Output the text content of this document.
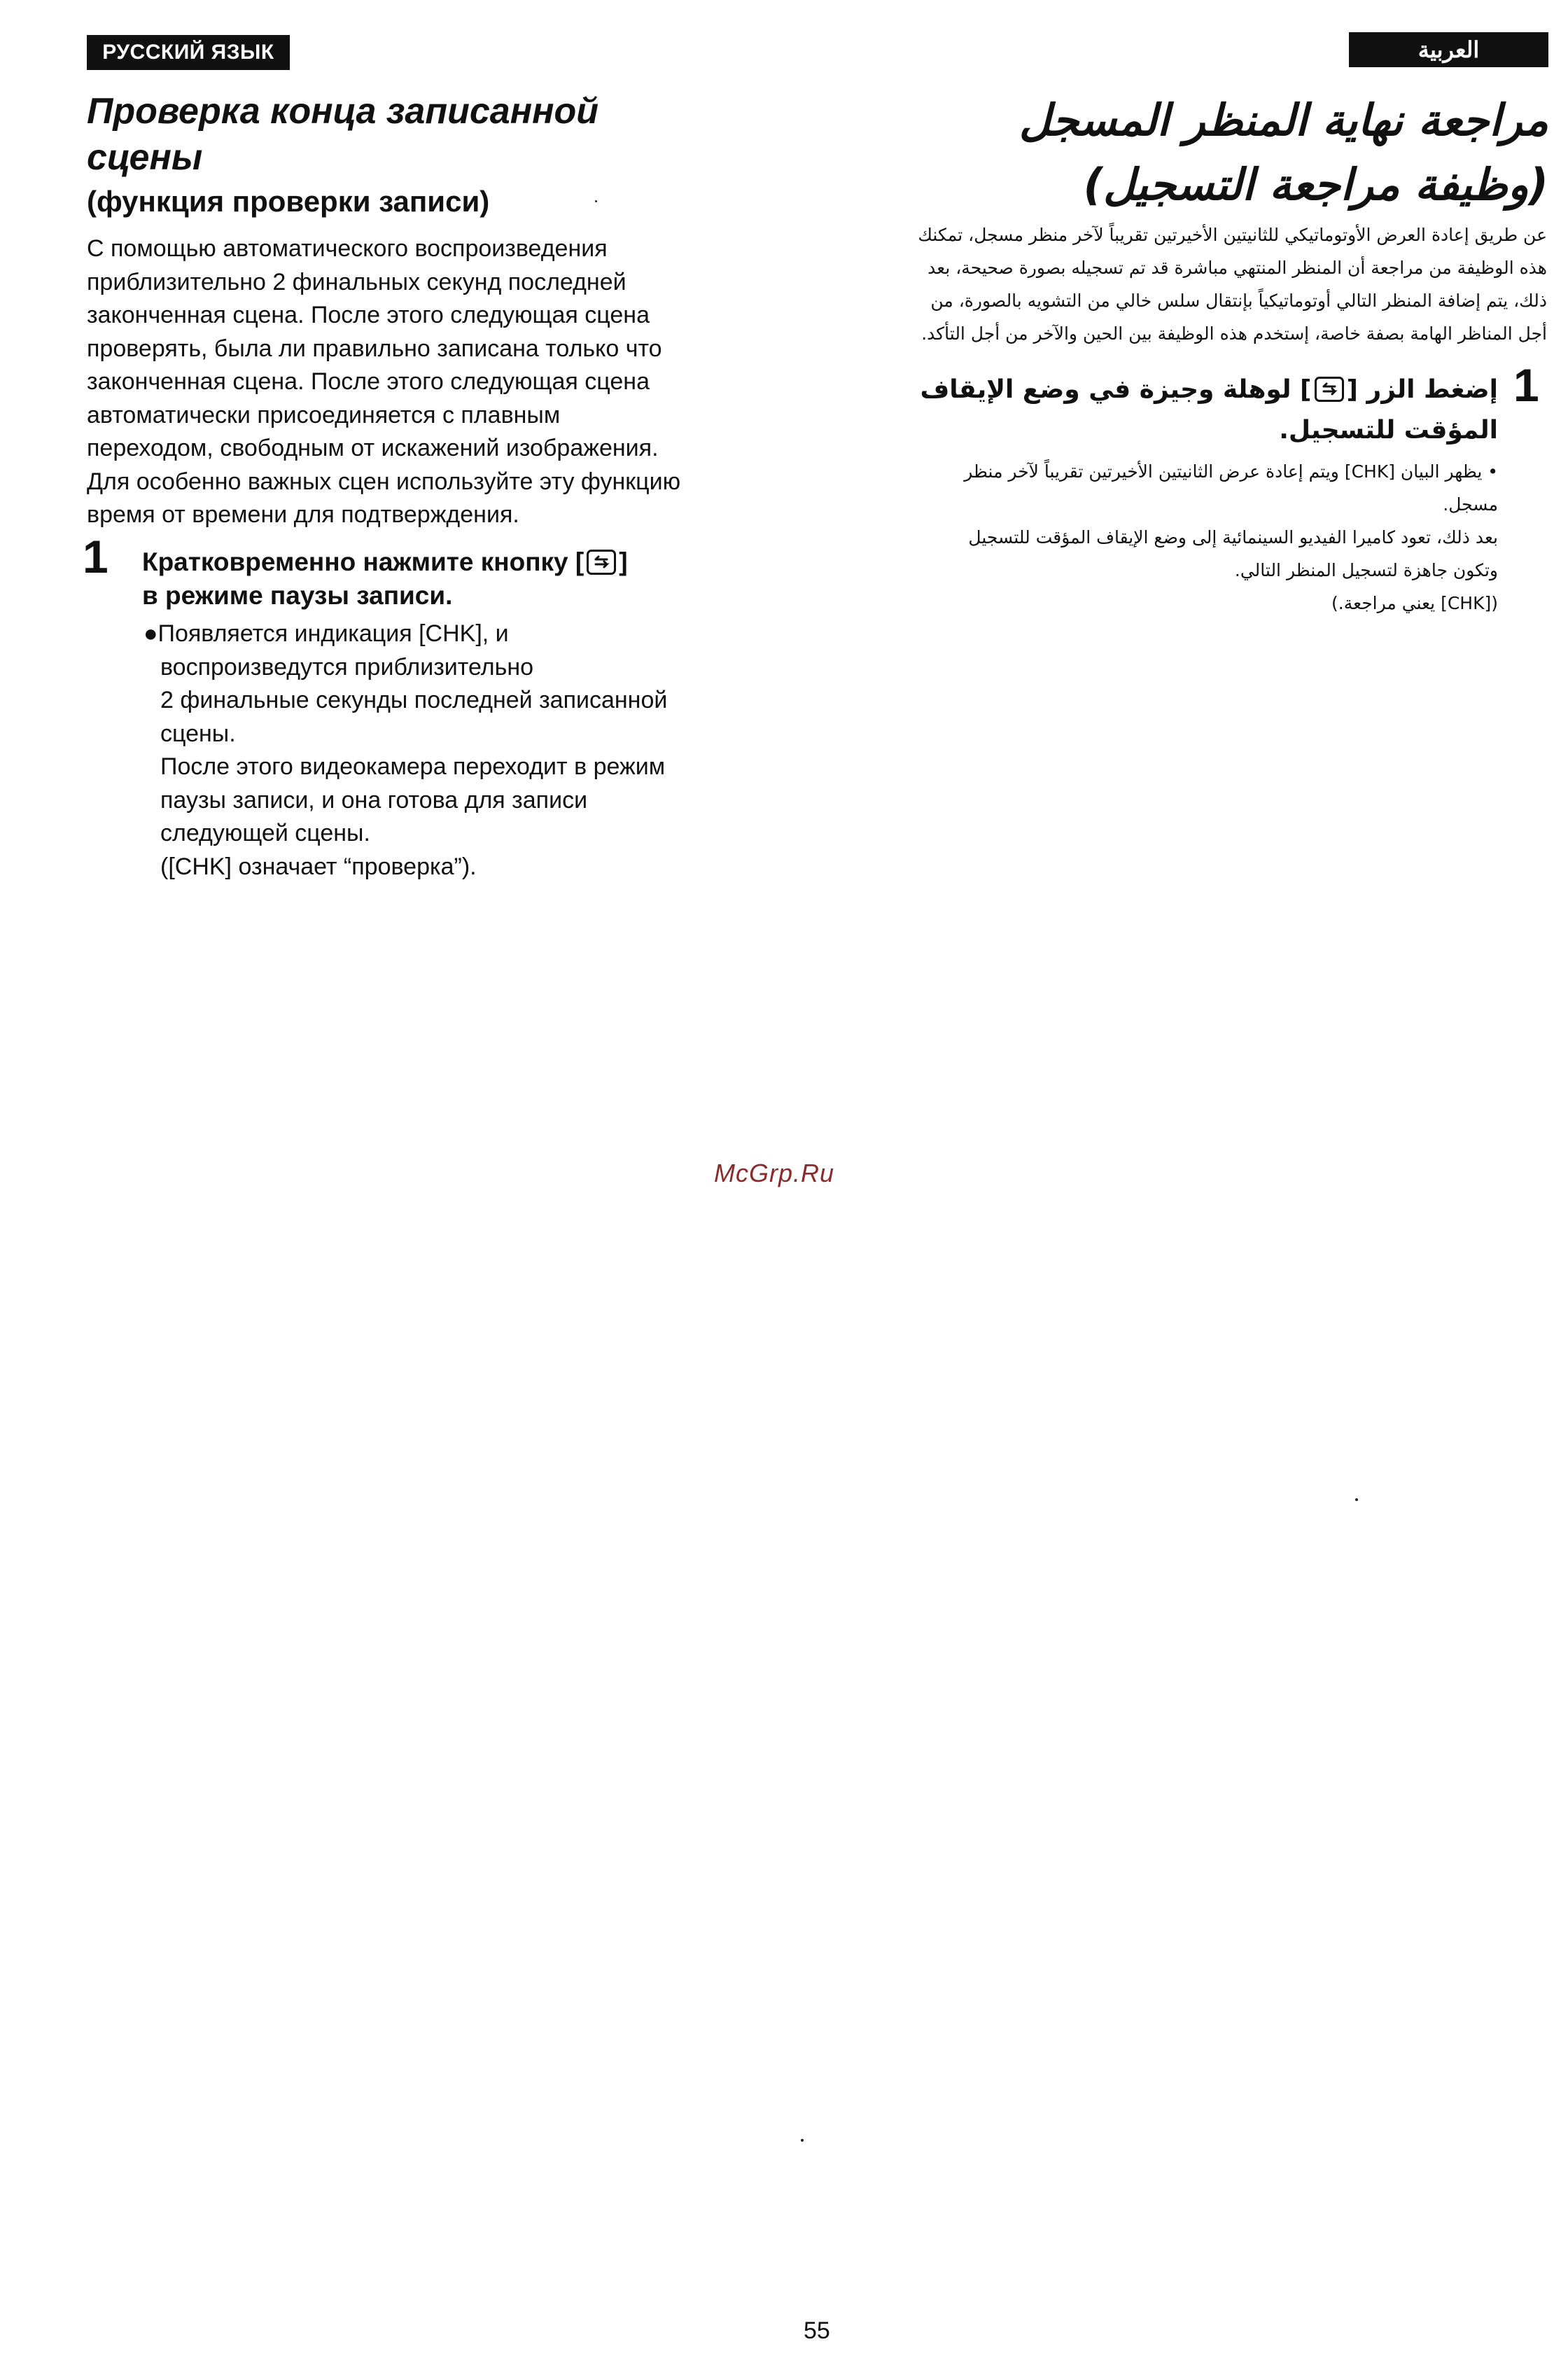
РУССКИЙ ЯЗЫК
Проверка конца записанной
сцены
(функция проверки записи)
С помощью автоматического воспроизведения
приблизительно 2 финальных секунд последней
законченная сцена. После этого следующая сцена
проверять, была ли правильно записана только что
законченная сцена. После этого следующая сцена
автоматически присоединяется с плавным
переходом, свободным от искажений изображения.
Для особенно важных сцен используйте эту функцию
время от времени для подтверждения.
1 Кратковременно нажмите кнопку [ ]
в режиме паузы записи.
●Появляется индикация [CHK], и
воспроизведутся приблизительно
2 финальные секунды последней записанной
сцены.
После этого видеокамера переходит в режим
паузы записи, и она готова для записи
следующей сцены.
([CHK] означает “проверка”).
العربية
مراجعة نهاية المنظر المسجل
(وظيفة مراجعة التسجيل)
عن طريق إعادة العرض الأوتوماتيكي للثانيتين الأخيرتين تقريباً لآخر منظر مسجل، تمكنك
هذه الوظيفة من مراجعة أن المنظر المنتهي مباشرة قد تم تسجيله بصورة صحيحة، بعد
ذلك، يتم إضافة المنظر التالي أوتوماتيكياً بإنتقال سلس خالي من التشويه بالصورة، من
أجل المناظر الهامة بصفة خاصة، إستخدم هذه الوظيفة بين الحين والآخر من أجل التأكد.
1
إضغط الزر [
] لوهلة وجيزة في وضع الإيقاف
المؤقت للتسجيل.
• يظهر البيان [CHK] ويتم إعادة عرض الثانيتين الأخيرتين تقريباً لآخر منظر
مسجل.
بعد ذلك، تعود كاميرا الفيديو السينمائية إلى وضع الإيقاف المؤقت للتسجيل
وتكون جاهزة لتسجيل المنظر التالي.
([CHK] يعني مراجعة.)
McGrp.Ru
55
